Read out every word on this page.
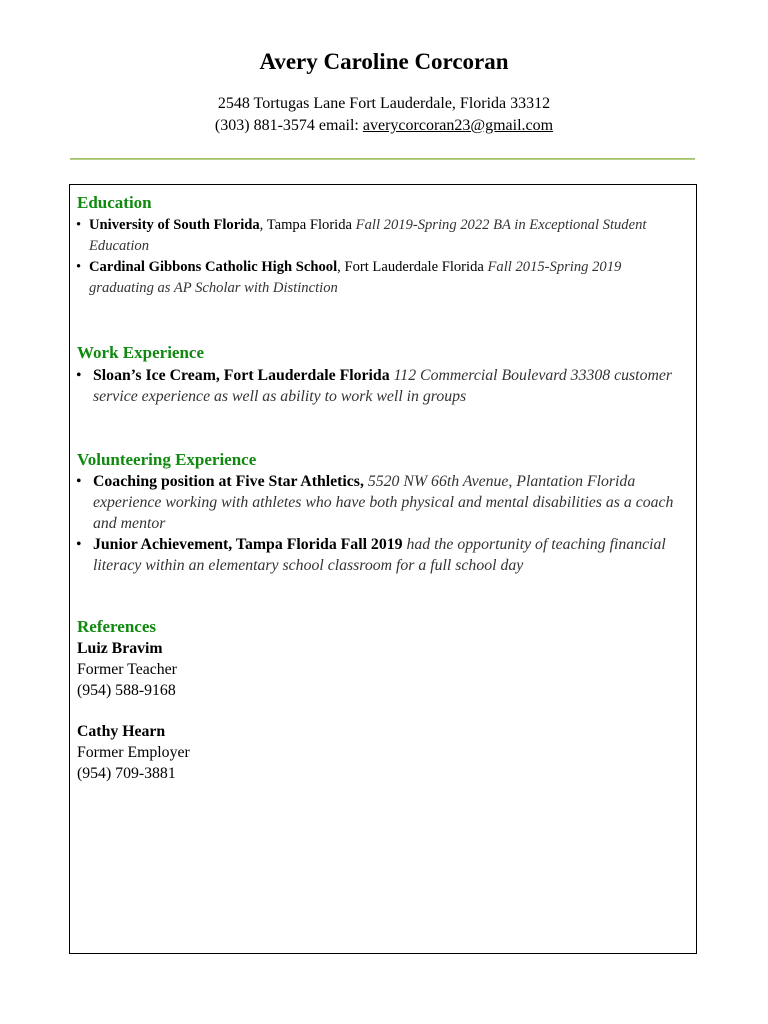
Avery Caroline Corcoran

2548 Tortugas Lane Fort Lauderdale, Florida 33312

(303) 881-3574 email: averycorcoran23@gmail.com

Education
• University of South Florida, Tampa Florida Fall 2019-Spring 2022 BA in Exceptional Student Education
• Cardinal Gibbons Catholic High School, Fort Lauderdale Florida Fall 2015-Spring 2019 graduating as AP Scholar with Distinction
Work Experience
• Sloan’s Ice Cream, Fort Lauderdale Florida 112 Commercial Boulevard 33308 customer service experience as well as ability to work well in groups
Volunteering Experience
• Coaching position at Five Star Athletics, 5520 NW 66th Avenue, Plantation Florida experience working with athletes who have both physical and mental disabilities as a coach and mentor
• Junior Achievement, Tampa Florida Fall 2019 had the opportunity of teaching financial literacy within an elementary school classroom for a full school day
References
Luiz Bravim
Former Teacher
(954) 588-9168
Cathy Hearn
Former Employer
(954) 709-3881
